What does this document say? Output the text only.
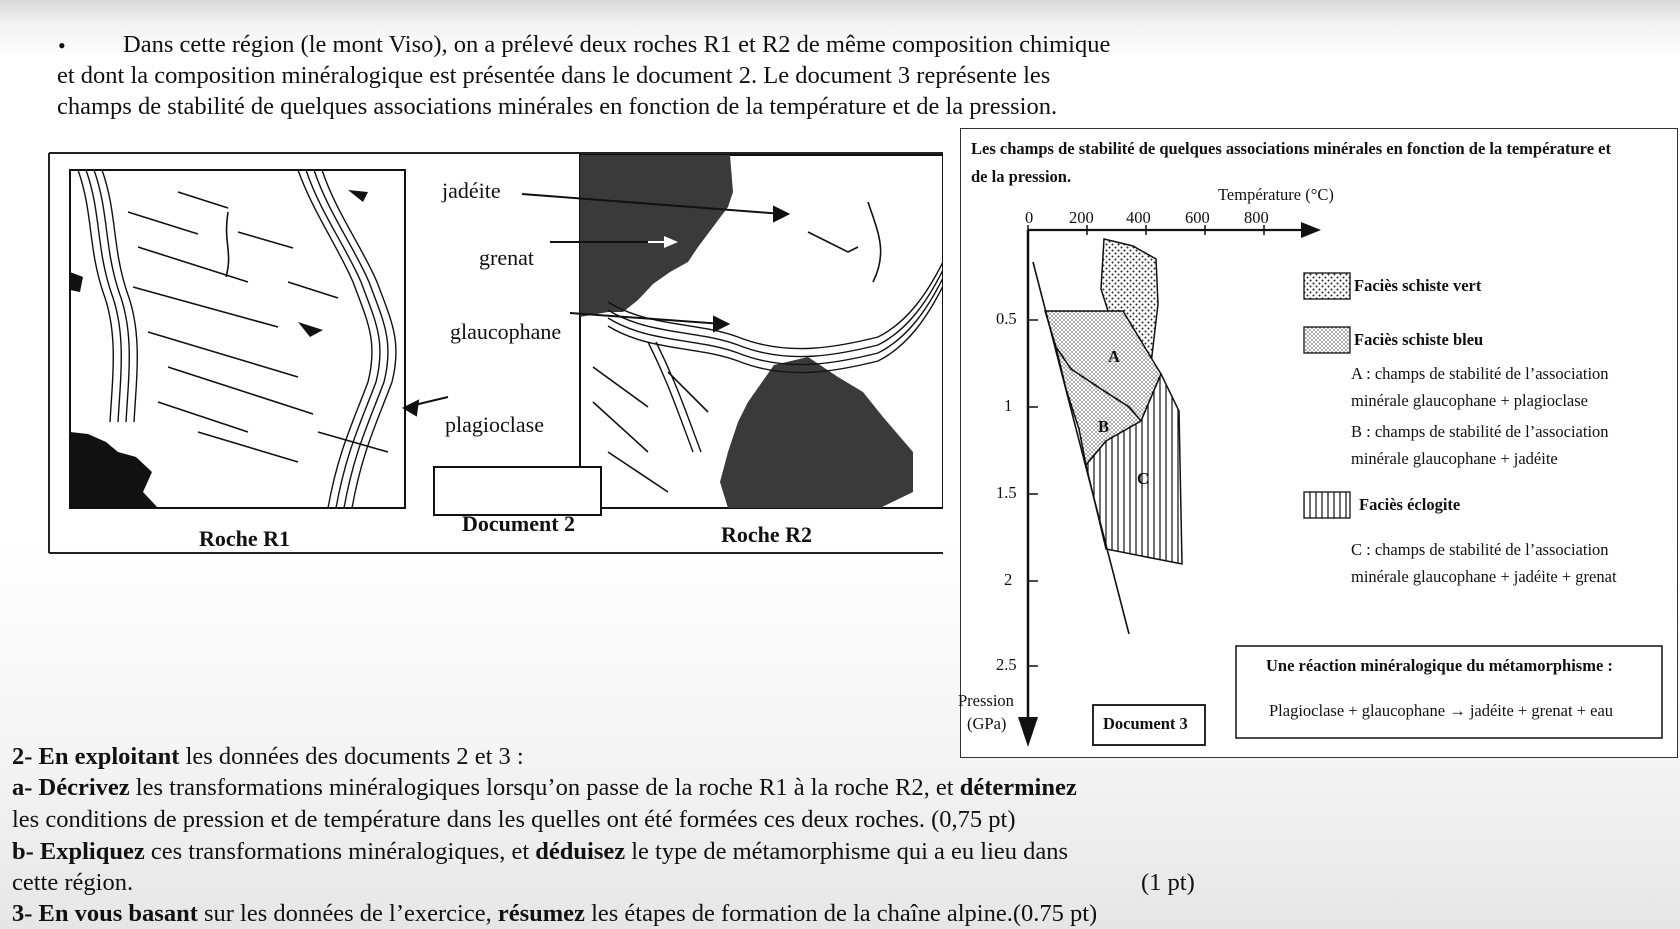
• Dans cette région (le mont Viso), on a prélevé deux roches R1 et R2 de même composition chimique
et dont la composition minéralogique est présentée dans le document 2. Le document 3 représente les
champs de stabilité de quelques associations minérales en fonction de la température et de la pression.
jadéite
grenat
glaucophane
plagioclase
Roche R1	Roche R2
Document 2
Les champs de stabilité de quelques associations minérales en fonction de la température et
de la pression.
Température (°C)
0 200 400 600 800
0.5
1
1.5
2
2.5
Pression
(GPa)
A
B
C
Faciès schiste vert
Faciès schiste bleu
A : champs de stabilité de l’association
minérale glaucophane + plagioclase
B : champs de stabilité de l’association
minérale glaucophane + jadéite
Faciès éclogite
C : champs de stabilité de l’association
minérale glaucophane + jadéite + grenat
Une réaction minéralogique du métamorphisme :
Plagioclase + glaucophane → jadéite + grenat + eau
Document 3
2- En exploitant les données des documents 2 et 3 :
a- Décrivez les transformations minéralogiques lorsqu’on passe de la roche R1 à la roche R2, et déterminez
les conditions de pression et de température dans les quelles ont été formées ces deux roches. (0,75 pt)
b- Expliquez ces transformations minéralogiques, et déduisez le type de métamorphisme qui a eu lieu dans
cette région.	(1 pt)
3- En vous basant sur les données de l’exercice, résumez les étapes de formation de la chaîne alpine.(0.75 pt)
